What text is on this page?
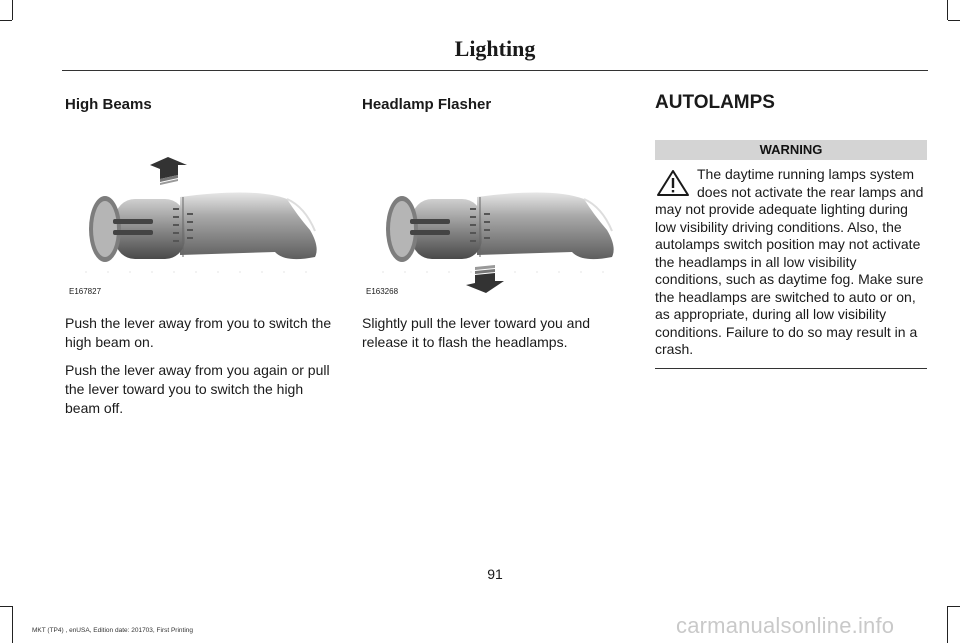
Lighting
High Beams
E167827

Push the lever away from you to switch the high beam on.

Push the lever away from you again or pull the lever toward you to switch the high beam off.

Headlamp Flasher
E163268

Slightly pull the lever toward you and release it to flash the headlamps.

AUTOLAMPS
WARNING
The daytime running lamps system does not activate the rear lamps and may not provide adequate lighting during low visibility driving conditions. Also, the autolamps switch position may not activate the headlamps in all low visibility conditions, such as daytime fog. Make sure the headlamps are switched to auto or on, as appropriate, during all low visibility conditions. Failure to do so may result in a crash.
91
MKT (TP4) , enUSA, Edition date: 201703, First Printing	carmanualsonline.info
